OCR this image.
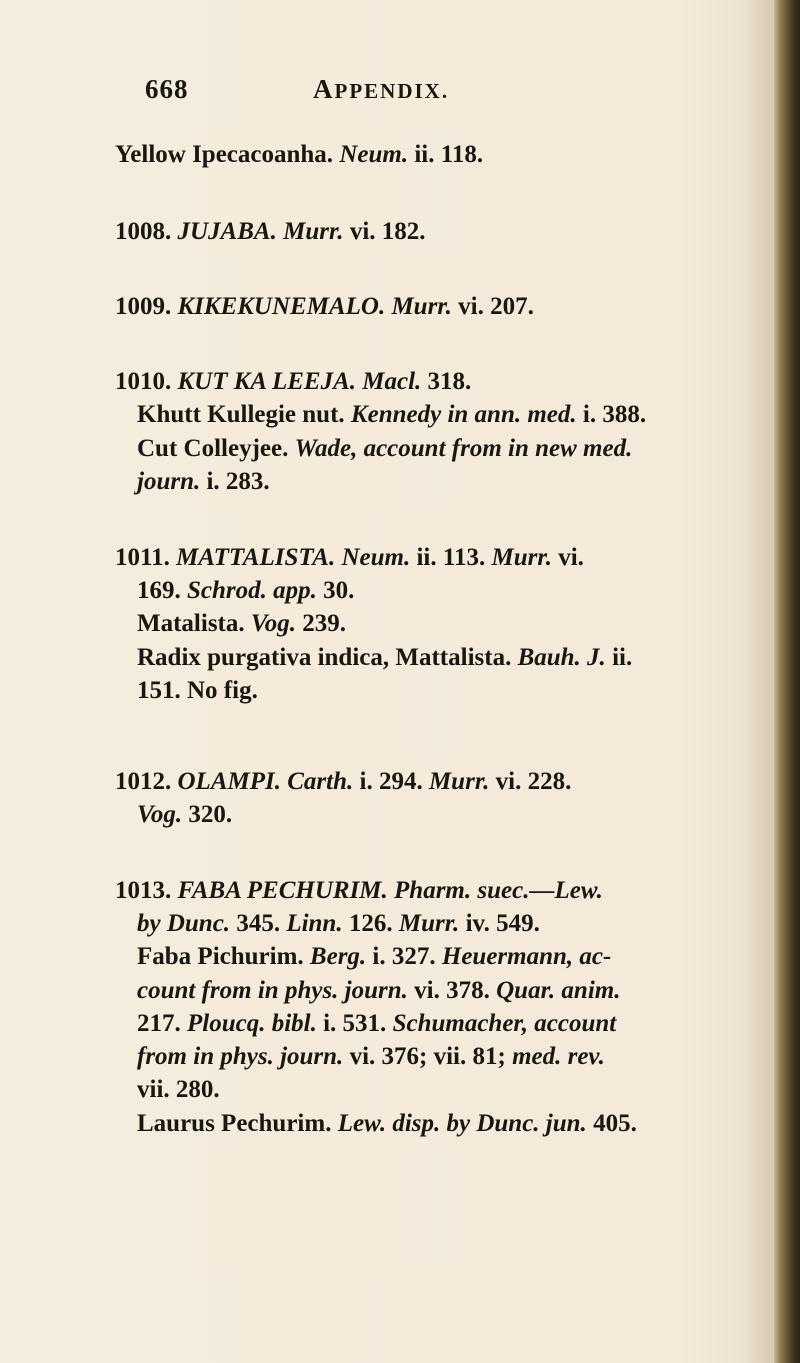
668	APPENDIX.
Yellow Ipecacoanha. Neum. ii. 118.
1008. JUJABA. Murr. vi. 182.
1009. KIKEKUNEMALO. Murr. vi. 207.
1010. KUT KA LEEJA. Macl. 318.
Khutt Kullegie nut. Kennedy in ann. med. i. 388.
Cut Colleyjee. Wade, account from in new med.
journ. i. 283.
1011. MATTALISTA. Neum. ii. 113. Murr. vi.
169. Schrod. app. 30.
Matalista. Vog. 239.
Radix purgativa indica, Mattalista. Bauh. J. ii.
151. No fig.
1012. OLAMPI. Carth. i. 294. Murr. vi. 228.
Vog. 320.
1013. FABA PECHURIM. Pharm. suec.—Lew.
by Dunc. 345. Linn. 126. Murr. iv. 549.
Faba Pichurim. Berg. i. 327. Heuermann, ac-
count from in phys. journ. vi. 378. Quar. anim.
217. Ploucq. bibl. i. 531. Schumacher, account
from in phys. journ. vi. 376; vii. 81; med. rev.
vii. 280.
Laurus Pechurim. Lew. disp. by Dunc. jun. 405.
